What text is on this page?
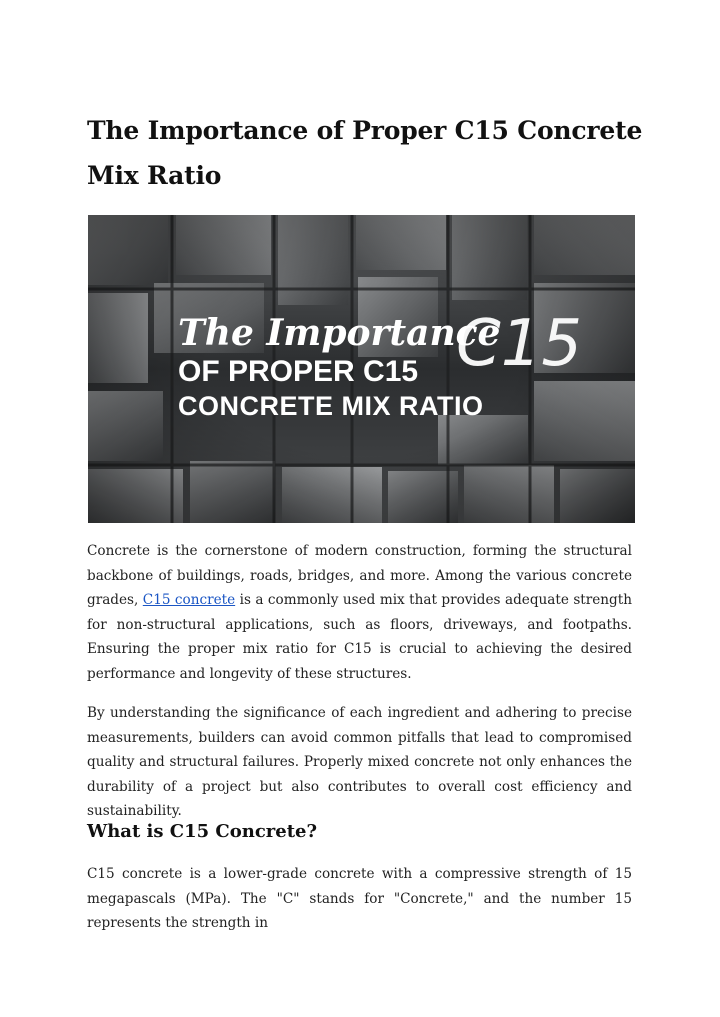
The Importance of Proper C15 Concrete Mix Ratio
The Importance
C15
OF PROPER C15
CONCRETE MIX RATIO

Concrete is the cornerstone of modern construction, forming the structural backbone of buildings, roads, bridges, and more. Among the various concrete grades, C15 concrete is a commonly used mix that provides adequate strength for non-structural applications, such as floors, driveways, and footpaths. Ensuring the proper mix ratio for C15 is crucial to achieving the desired performance and longevity of these structures.

By understanding the significance of each ingredient and adhering to precise measurements, builders can avoid common pitfalls that lead to compromised quality and structural failures. Properly mixed concrete not only enhances the durability of a project but also contributes to overall cost efficiency and sustainability.

What is C15 Concrete?

C15 concrete is a lower-grade concrete with a compressive strength of 15 megapascals (MPa). The "C" stands for "Concrete," and the number 15 represents the strength in
